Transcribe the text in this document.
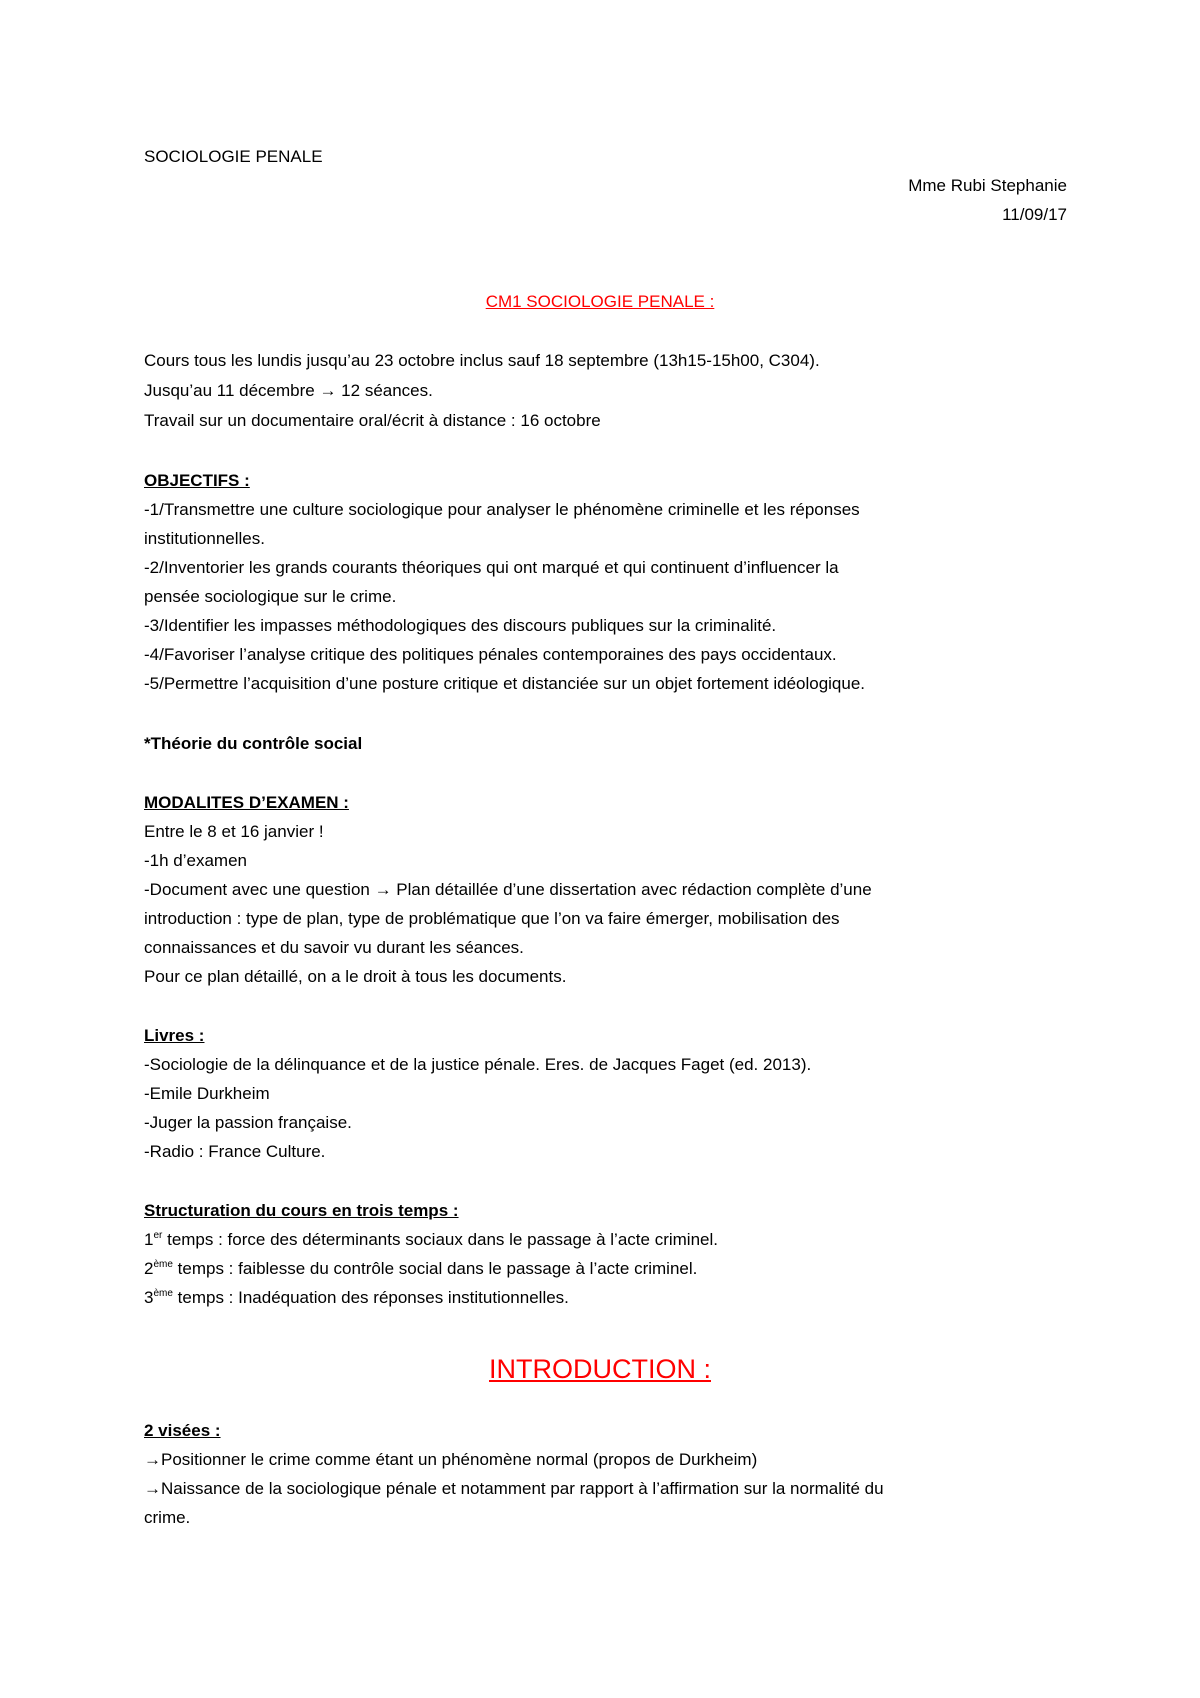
SOCIOLOGIE PENALE

Mme Rubi Stephanie

11/09/17

CM1 SOCIOLOGIE PENALE :

Cours tous les lundis jusqu’au 23 octobre inclus sauf 18 septembre (13h15-15h00, C304).

Jusqu’au 11 décembre → 12 séances.

Travail sur un documentaire oral/écrit à distance : 16 octobre

OBJECTIFS :

-1/Transmettre une culture sociologique pour analyser le phénomène criminelle et les réponses

institutionnelles.

-2/Inventorier les grands courants théoriques qui ont marqué et qui continuent d’influencer la

pensée sociologique sur le crime.

-3/Identifier les impasses méthodologiques des discours publiques sur la criminalité.

-4/Favoriser l’analyse critique des politiques pénales contemporaines des pays occidentaux.

-5/Permettre l’acquisition d’une posture critique et distanciée sur un objet fortement idéologique.

*Théorie du contrôle social

MODALITES D’EXAMEN :

Entre le 8 et 16 janvier !

-1h d’examen

-Document avec une question → Plan détaillée d’une dissertation avec rédaction complète d’une

introduction : type de plan, type de problématique que l’on va faire émerger, mobilisation des

connaissances et du savoir vu durant les séances.

Pour ce plan détaillé, on a le droit à tous les documents.

Livres :

-Sociologie de la délinquance et de la justice pénale. Eres. de Jacques Faget (ed. 2013).

-Emile Durkheim

-Juger la passion française.

-Radio : France Culture.

Structuration du cours en trois temps :

1er temps : force des déterminants sociaux dans le passage à l’acte criminel.

2ème temps : faiblesse du contrôle social dans le passage à l’acte criminel.

3ème temps : Inadéquation des réponses institutionnelles.

INTRODUCTION :

2 visées :

→Positionner le crime comme étant un phénomène normal (propos de Durkheim)

→Naissance de la sociologique pénale et notamment par rapport à l’affirmation sur la normalité du

crime.
